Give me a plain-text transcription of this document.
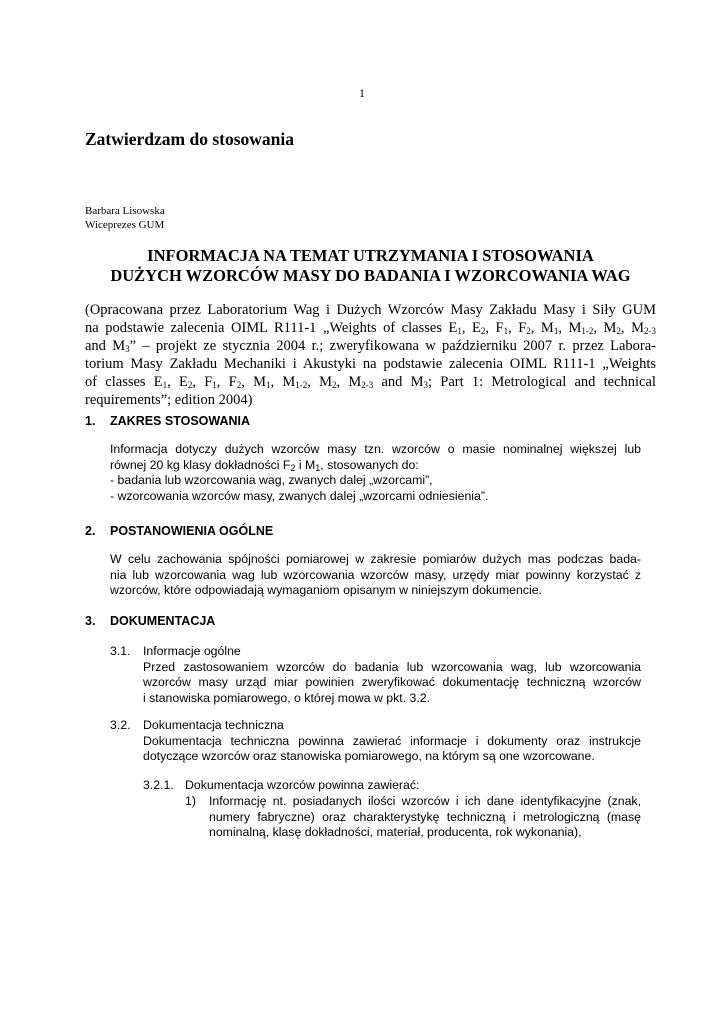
1
Zatwierdzam do stosowania
Barbara Lisowska
Wiceprezes GUM
INFORMACJA NA TEMAT UTRZYMANIA I STOSOWANIA
DUŻYCH WZORCÓW MASY DO BADANIA I WZORCOWANIA WAG
(Opracowana przez Laboratorium Wag i Dużych Wzorców Masy Zakładu Masy i Siły GUM
na podstawie zalecenia OIML R111-1 „Weights of classes $E_1$, $E_2$, $F_1$, $F_2$, $M_1$, $M_{1-2}$, $M_2$, $M_{2-3}$
and $M_3$” – projekt ze stycznia 2004 r.; zweryfikowana w październiku 2007 r. przez Labora-
torium Masy Zakładu Mechaniki i Akustyki na podstawie zalecenia OIML R111-1 „Weights
of classes $E_1$, $E_2$, $F_1$, $F_2$, $M_1$, $M_{1-2}$, $M_2$, $M_{2-3}$ and $M_3$; Part 1: Metrological and technical
requirements”; edition 2004)
1. ZAKRES STOSOWANIA
Informacja dotyczy dużych wzorców masy tzn. wzorców o masie nominalnej większej lub
równej 20 kg klasy dokładności $F_2$ i $M_1$, stosowanych do:
- badania lub wzorcowania wag, zwanych dalej „wzorcami”,
- wzorcowania wzorców masy, zwanych dalej „wzorcami odniesienia”.
2. POSTANOWIENIA OGÓLNE
W celu zachowania spójności pomiarowej w zakresie pomiarów dużych mas podczas bada-
nia lub wzorcowania wag lub wzorcowania wzorców masy, urzędy miar powinny korzystać z
wzorców, które odpowiadają wymaganiom opisanym w niniejszym dokumencie.
3. DOKUMENTACJA
3.1. Informacje ogólne
Przed zastosowaniem wzorców do badania lub wzorcowania wag, lub wzorcowania
wzorców masy urząd miar powinien zweryfikować dokumentację techniczną wzorców
i stanowiska pomiarowego, o której mowa w pkt. 3.2.
3.2. Dokumentacja techniczna
Dokumentacja techniczna powinna zawierać informacje i dokumenty oraz instrukcje
dotyczące wzorców oraz stanowiska pomiarowego, na którym są one wzorcowane.
3.2.1. Dokumentacja wzorców powinna zawierać:
1) Informację nt. posiadanych ilości wzorców i ich dane identyfikacyjne (znak,
numery fabryczne) oraz charakterystykę techniczną i metrologiczną (masę
nominalną, klasę dokładności, materiał, producenta, rok wykonania),
